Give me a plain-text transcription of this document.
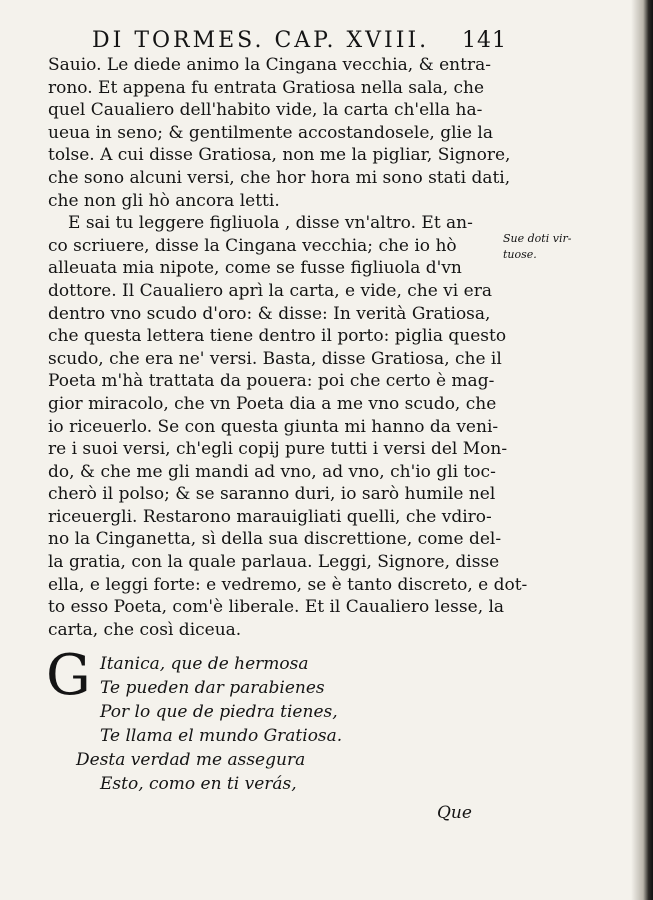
DI TORMES. CAP. XVIII. 141
Sauio. Le diede animo la Cingana vecchia, & entra-
rono. Et appena fu entrata Gratiosa nella sala, che
quel Caualiero dell'habito vide, la carta ch'ella ha-
ueua in seno; & gentilmente accostandosele, glie la
tolse. A cui disse Gratiosa, non me la pigliar, Signore,
che sono alcuni versi, che hor hora mi sono stati dati,
che non gli hò ancora letti.
E sai tu leggere figliuola , disse vn'altro. Et an-
co scriuere, disse la Cingana vecchia; che io hò
alleuata mia nipote, come se fusse figliuola d'vn
dottore. Il Caualiero aprì la carta, e vide, che vi era
dentro vno scudo d'oro: & disse: In verità Gratiosa,
che questa lettera tiene dentro il porto: piglia questo
scudo, che era ne' versi. Basta, disse Gratiosa, che il
Poeta m'hà trattata da pouera: poi che certo è mag-
gior miracolo, che vn Poeta dia a me vno scudo, che
io riceuerlo. Se con questa giunta mi hanno da veni-
re i suoi versi, ch'egli copij pure tutti i versi del Mon-
do, & che me gli mandi ad vno, ad vno, ch'io gli toc-
cherò il polso; & se saranno duri, io sarò humile nel
riceuergli. Restarono marauigliati quelli, che vdiro-
no la Cinganetta, sì della sua discrettione, come del-
la gratia, con la quale parlaua. Leggi, Signore, disse
ella, e leggi forte: e vedremo, se è tanto discreto, e dot-
to esso Poeta, com'è liberale. Et il Caualiero lesse, la
carta, che così diceua.
Sue doti vir-
tuose.
G Itanica, que de hermosa
Te pueden dar parabienes
Por lo que de piedra tienes,
Te llama el mundo Gratiosa.
Desta verdad me assegura
Esto, como en ti verás,
Que
